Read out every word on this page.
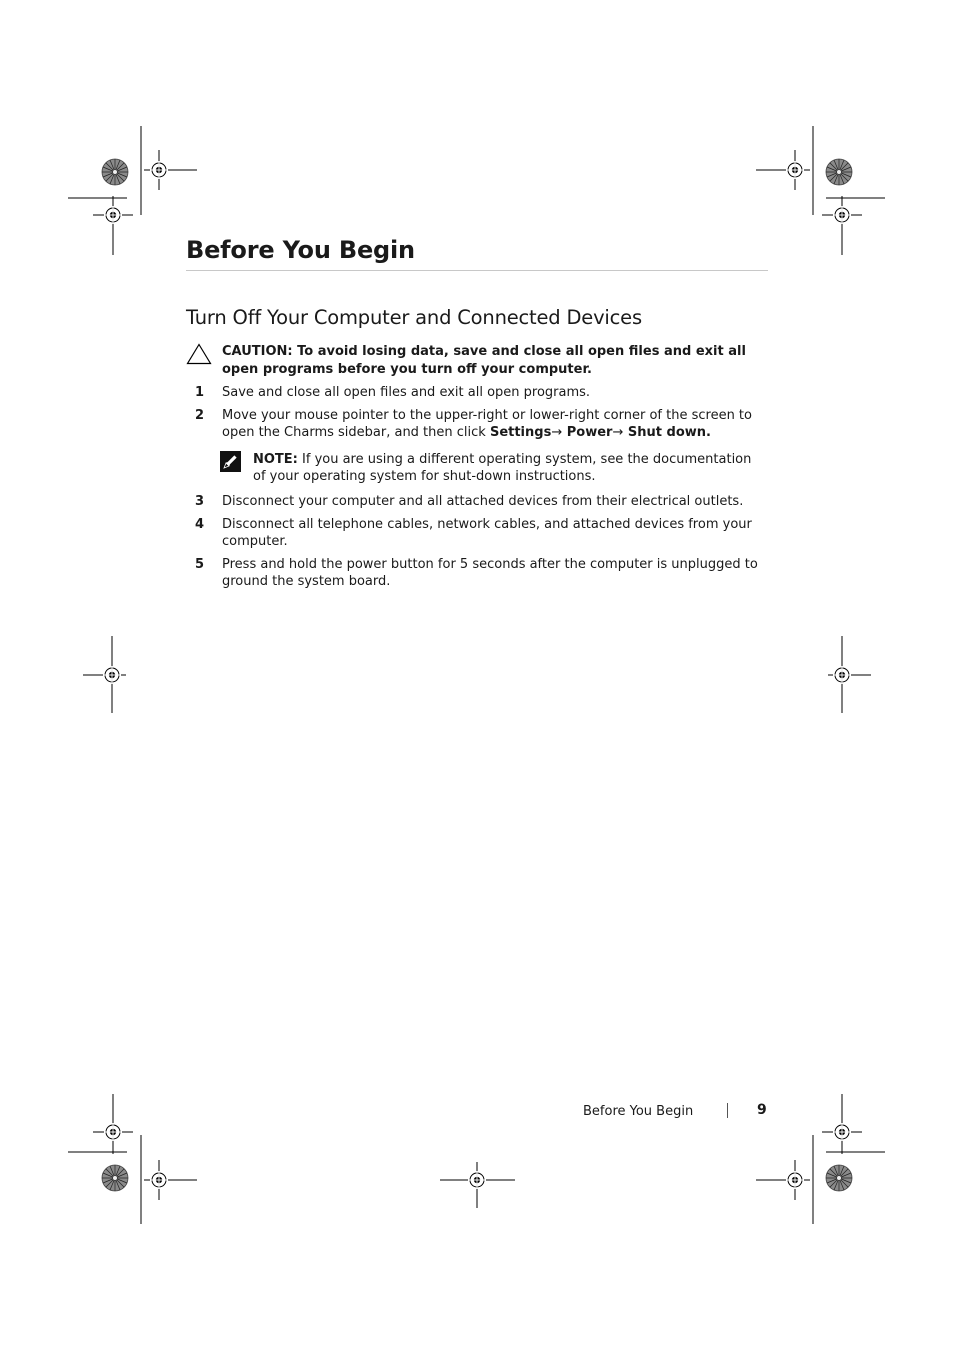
Before You Begin
Turn Off Your Computer and Connected Devices
CAUTION: To avoid losing data, save and close all open files and exit all open programs before you turn off your computer.
1 Save and close all open files and exit all open programs.
2 Move your mouse pointer to the upper-right or lower-right corner of the screen to open the Charms sidebar, and then click Settings→ Power→ Shut down.
3 Disconnect your computer and all attached devices from their electrical outlets.
4 Disconnect all telephone cables, network cables, and attached devices from your computer.
5 Press and hold the power button for 5 seconds after the computer is unplugged to ground the system board.
NOTE: If you are using a different operating system, see the documentation of your operating system for shut-down instructions.
Before You Begin	9
